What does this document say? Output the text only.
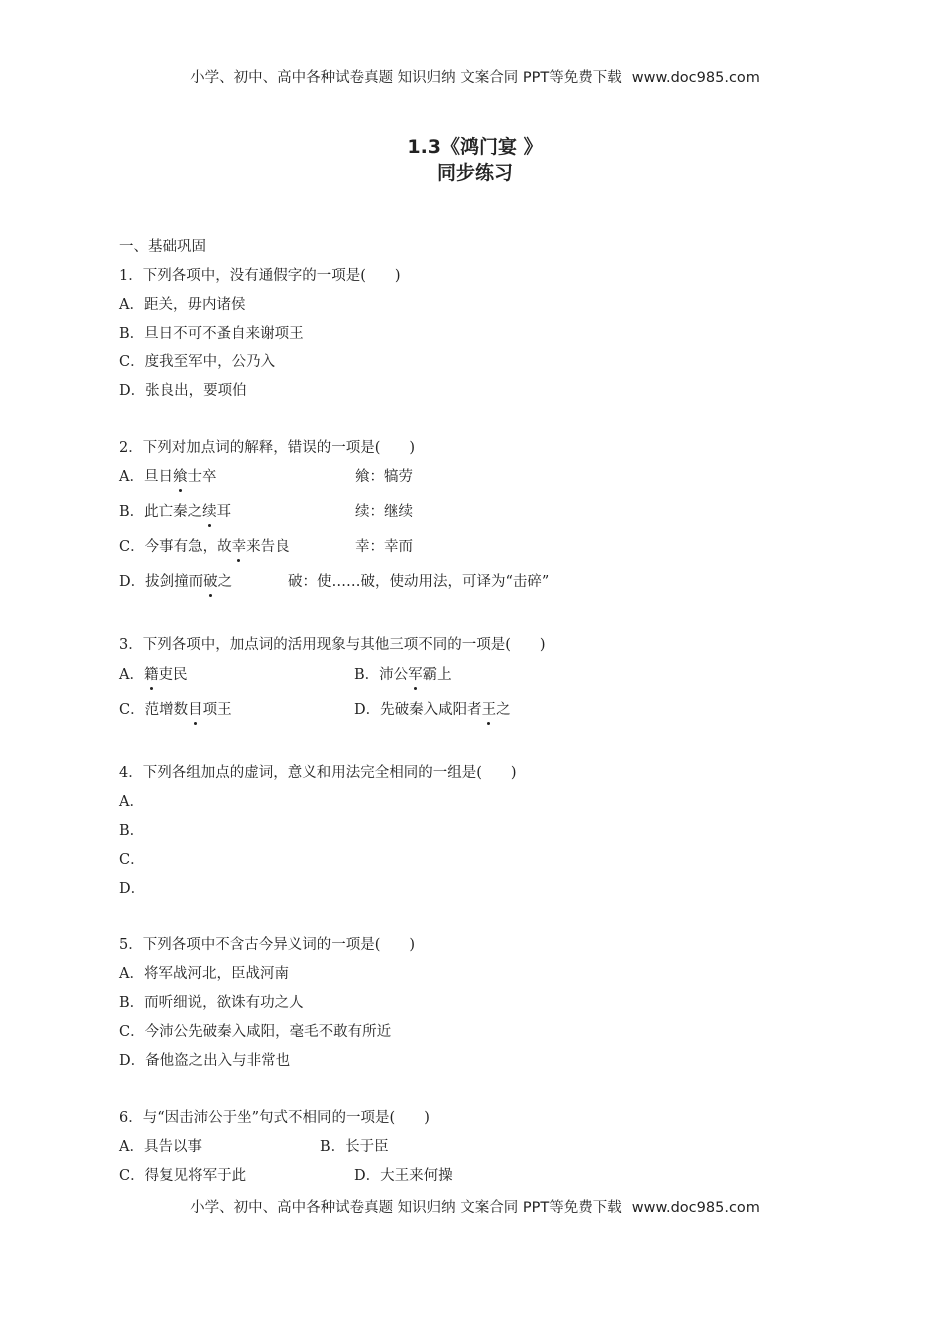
小学、初中、高中各种试卷真题 知识归纳 文案合同 PPT等免费下载 www.doc985.com
1.3《鸿门宴 》
同步练习
一、基础巩固
1．下列各项中，没有通假字的一项是(　　)
A．距关，毋内诸侯
B．旦日不可不蚤自来谢项王
C．度我至军中，公乃入
D．张良出，要项伯
2．下列对加点词的解释，错误的一项是(　　)
A．旦日飨士卒	飨：犒劳
B．此亡秦之续耳	续：继续
C．今事有急，故幸来告良	幸：幸而
D．拔剑撞而破之	破：使……破，使动用法，可译为“击碎”
3．下列各项中，加点词的活用现象与其他三项不同的一项是(　　)
A．籍吏民	B．沛公军霸上
C．范增数目项王	D．先破秦入咸阳者王之
4．下列各组加点的虚词，意义和用法完全相同的一组是(　　)
A．
B．
C．
D．
5．下列各项中不含古今异义词的一项是(　　)
A．将军战河北，臣战河南
B．而听细说，欲诛有功之人
C．今沛公先破秦入咸阳，毫毛不敢有所近
D．备他盗之出入与非常也
6．与“因击沛公于坐”句式不相同的一项是(　　)
A．具告以事	B．长于臣
C．得复见将军于此	D．大王来何操
小学、初中、高中各种试卷真题 知识归纳 文案合同 PPT等免费下载 www.doc985.com
